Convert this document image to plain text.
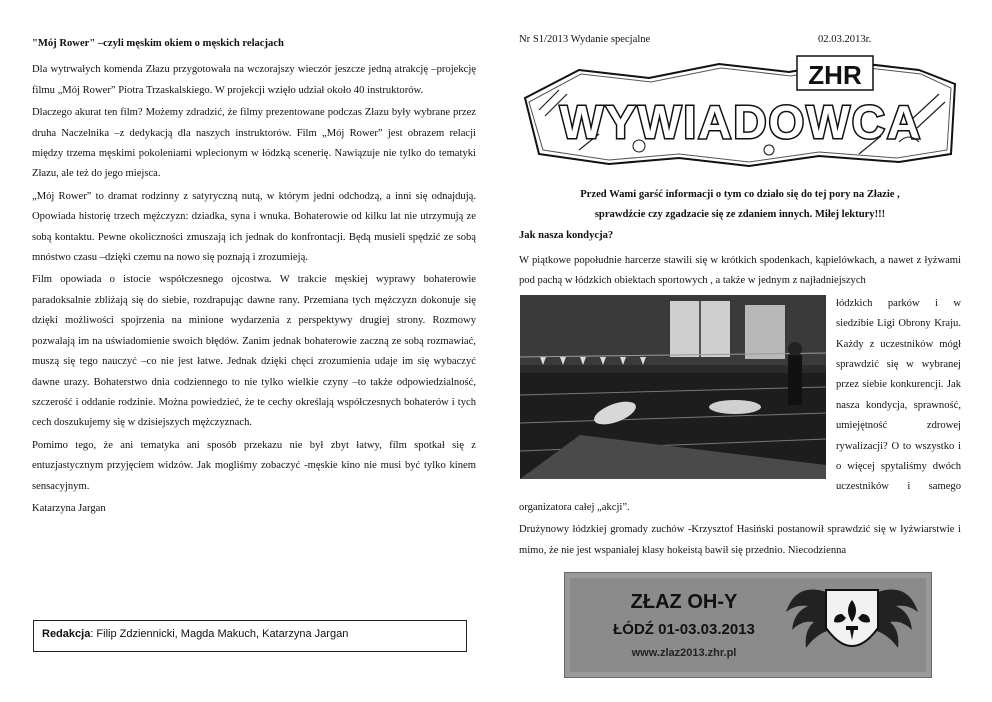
"Mój Rower" –czyli męskim okiem o męskich relacjach

Dla wytrwałych komenda Złazu przygotowała na wczorajszy wieczór jeszcze jedną atrakcję –projekcję filmu „Mój Rower” Piotra Trzaskalskiego. W projekcji wzięło udział około 40 instruktorów.

Dlaczego akurat ten film? Możemy zdradzić, że filmy prezentowane podczas Złazu były wybrane przez druha Naczelnika –z dedykacją dla naszych instruktorów. Film „Mój Rower” jest obrazem relacji między trzema męskimi pokoleniami wplecionym w łódzką scenerię. Nawiązuje nie tylko do tematyki Złazu, ale też do jego miejsca.

„Mój Rower” to dramat rodzinny z satyryczną nutą, w którym jedni odchodzą, a inni się odnajdują. Opowiada historię trzech mężczyzn: dziadka, syna i wnuka. Bohaterowie od kilku lat nie utrzymują ze sobą kontaktu. Pewne okoliczności zmuszają ich jednak do konfrontacji. Będą musieli spędzić ze sobą mnóstwo czasu –dzięki czemu na nowo się poznają i zrozumieją.

Film opowiada o istocie współczesnego ojcostwa. W trakcie męskiej wyprawy bohaterowie paradoksalnie zbliżają się do siebie, rozdrapując dawne rany. Przemiana tych mężczyzn dokonuje się dzięki możliwości spojrzenia na minione wydarzenia z perspektywy drugiej strony. Rozmowy pozwalają im na uświadomienie swoich błędów. Zanim jednak bohaterowie zaczną ze sobą rozmawiać, muszą się tego nauczyć –co nie jest łatwe. Jednak dzięki chęci zrozumienia udaje im się wybaczyć dawne urazy. Bohaterstwo dnia codziennego to nie tylko wielkie czyny –to także odpowiedzialność, szczerość i oddanie rodzinie. Można powiedzieć, że te cechy określają współczesnych bohaterów i tych cech doszukujemy się w dzisiejszych mężczyznach.

Pomimo tego, że ani tematyka ani sposób przekazu nie był zbyt łatwy, film spotkał się z entuzjastycznym przyjęciem widzów. Jak mogliśmy zobaczyć -męskie kino nie musi być tylko kinem sensacyjnym.

Katarzyna Jargan

Redakcja: Filip Zdziennicki, Magda Makuch, Katarzyna Jargan
Nr S1/2013 Wydanie specjalne	02.03.2013r.
ZHR
WYWIADOWCA
Przed Wami garść informacji o tym co działo się do tej pory na Złazie ,
sprawdźcie czy zgadzacie się ze zdaniem innych. Miłej lektury!!!
Jak nasza kondycja?

W piątkowe popołudnie harcerze stawili się w krótkich spodenkach, kąpielówkach, a nawet z łyżwami pod pachą w łódzkich obiektach sportowych , a także w jednym z najładniejszych

łódzkich parków i w siedzibie Ligi Obrony Kraju. Każdy z uczestników mógł sprawdzić się w wybranej przez siebie konkurencji. Jak nasza kondycja, sprawność, umiejętność zdrowej rywalizacji? O to wszystko i o więcej spytaliśmy dwóch uczestników i samego organizatora całej „akcji”.

Drużynowy łódzkiej gromady zuchów -Krzysztof Hasiński postanowił sprawdzić się w łyżwiarstwie i mimo, że nie jest wspaniałej klasy hokeistą bawił się przednio. Niecodzienna

ZŁAZ OH-Y
ŁÓDŹ 01-03.03.2013
www.zlaz2013.zhr.pl
